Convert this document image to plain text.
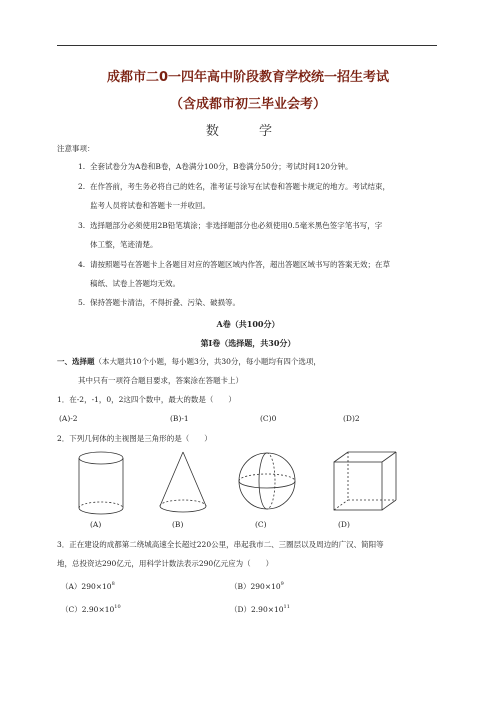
成都市二0一四年高中阶段教育学校统一招生考试
（含成都市初三毕业会考）
数 学
注意事项：
1. 全套试卷分为A卷和B卷，A卷满分100分，B卷满分50分；考试时间120分钟。
2. 在作答前，考生务必将自己的姓名，准考证号涂写在试卷和答题卡规定的地方。考试结束，
监考人员将试卷和答题卡一并收回。
3. 选择题部分必须使用2B铅笔填涂；非选择题部分也必须使用0.5毫米黑色签字笔书写，字
体工整，笔迹清楚。
4. 请按照题号在答题卡上各题目对应的答题区域内作答，超出答题区域书写的答案无效；在草
稿纸、试卷上答题均无效。
5. 保持答题卡清洁，不得折叠、污染、破损等。
A卷（共100分）
第Ⅰ卷（选择题，共30分）
一、选择题（本大题共10个小题，每小题3分，共30分，每小题均有四个选项，
其中只有一项符合题目要求，答案涂在答题卡上）
1．在-2，-1，0，2这四个数中，最大的数是（　　）
(A)-2	(B)-1	(C)0	(D)2
2．下列几何体的主视图是三角形的是（　　）
(A)	(B)	(C)	(D)
3．正在建设的成都第二绕城高速全长超过220公里，串起我市二、三圈层以及周边的广汉、简阳等
地，总投资达290亿元，用科学计数法表示290亿元应为（　　）
$(A)290\times 10^8$	$(B)290\times 10^9$
$(C)2.90\times 10^{10}$	$(D)2.90\times 10^{11}$
